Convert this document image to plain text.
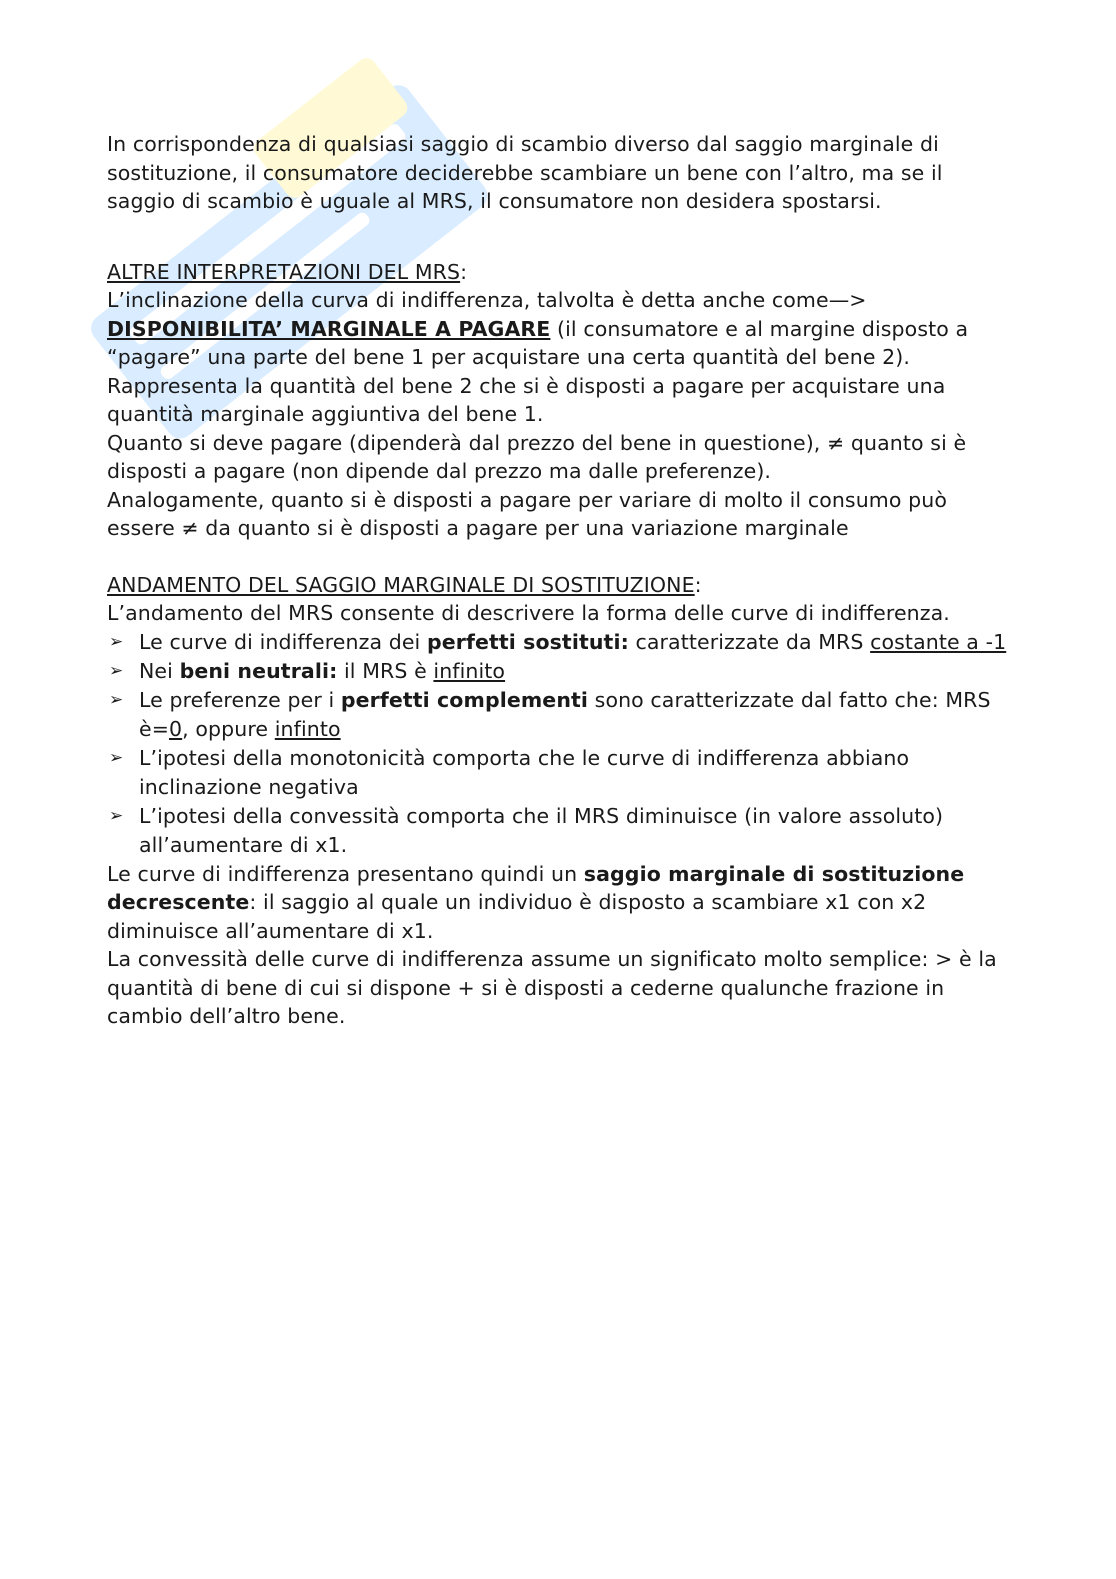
In corrispondenza di qualsiasi saggio di scambio diverso dal saggio marginale di sostituzione, il consumatore deciderebbe scambiare un bene con l’altro, ma se il saggio di scambio è uguale al MRS, il consumatore non desidera spostarsi.

ALTRE INTERPRETAZIONI DEL MRS:

L’inclinazione della curva di indifferenza, talvolta è detta anche come—>
DISPONIBILITA’ MARGINALE A PAGARE (il consumatore e al margine disposto a “pagare” una parte del bene 1 per acquistare una certa quantità del bene 2).

Rappresenta la quantità del bene 2 che si è disposti a pagare per acquistare una quantità marginale aggiuntiva del bene 1.

Quanto si deve pagare (dipenderà dal prezzo del bene in questione), ≠ quanto si è disposti a pagare (non dipende dal prezzo ma dalle preferenze).

Analogamente, quanto si è disposti a pagare per variare di molto il consumo può essere ≠ da quanto si è disposti a pagare per una variazione marginale

ANDAMENTO DEL SAGGIO MARGINALE DI SOSTITUZIONE:

L’andamento del MRS consente di descrivere la forma delle curve di indifferenza.

➢ Le curve di indifferenza dei perfetti sostituti: caratterizzate da MRS costante a -1
➢ Nei beni neutrali: il MRS è infinito
➢ Le preferenze per i perfetti complementi sono caratterizzate dal fatto che: MRS è=0, oppure infinto
➢ L’ipotesi della monotonicità comporta che le curve di indifferenza abbiano inclinazione negativa
➢ L’ipotesi della convessità comporta che il MRS diminuisce (in valore assoluto) all’aumentare di x1.

Le curve di indifferenza presentano quindi un saggio marginale di sostituzione decrescente: il saggio al quale un individuo è disposto a scambiare x1 con x2 diminuisce all’aumentare di x1.

La convessità delle curve di indifferenza assume un significato molto semplice: > è la quantità di bene di cui si dispone + si è disposti a cederne qualunche frazione in cambio dell’altro bene.
